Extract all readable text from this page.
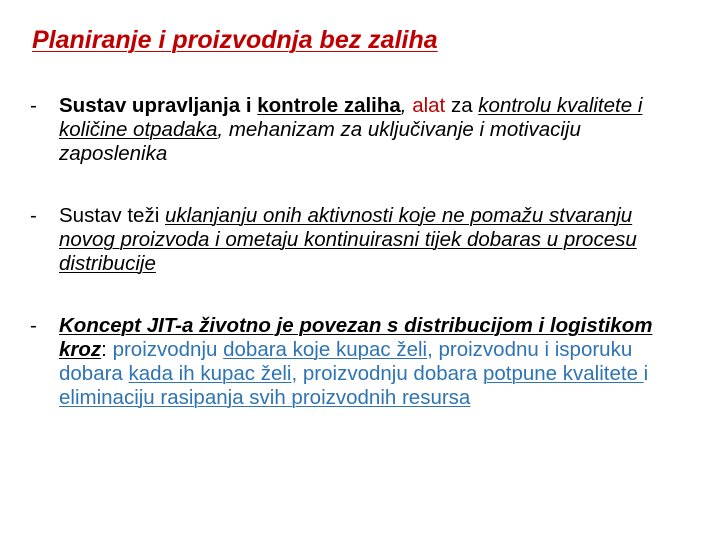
Planiranje i proizvodnja bez zaliha
- Sustav upravljanja i kontrole zaliha, alat za kontrolu kvalitete i količine otpadaka, mehanizam za uključivanje i motivaciju zaposlenika
- Sustav teži uklanjanju onih aktivnosti koje ne pomažu stvaranju novog proizvoda i ometaju kontinuirasni tijek dobaras u procesu distribucije
- Koncept JIT-a životno je povezan s distribucijom i logistikom kroz: proizvodnju dobara koje kupac želi, proizvodnu i isporuku dobara kada ih kupac želi, proizvodnju dobara potpune kvalitete i eliminaciju rasipanja svih proizvodnih resursa
